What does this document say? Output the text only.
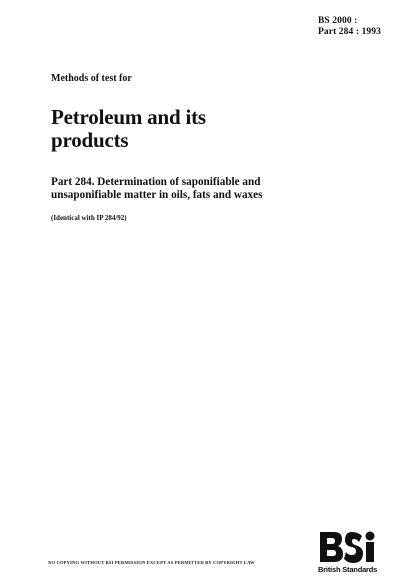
BS 2000 :
Part 284 : 1993
Methods of test for
Petroleum and its
products
Part 284. Determination of saponifiable and
unsaponifiable matter in oils, fats and waxes
(Identical with IP 284/92)
NO COPYING WITHOUT BSI PERMISSION EXCEPT AS PERMITTED BY COPYRIGHT LAW
British Standards
